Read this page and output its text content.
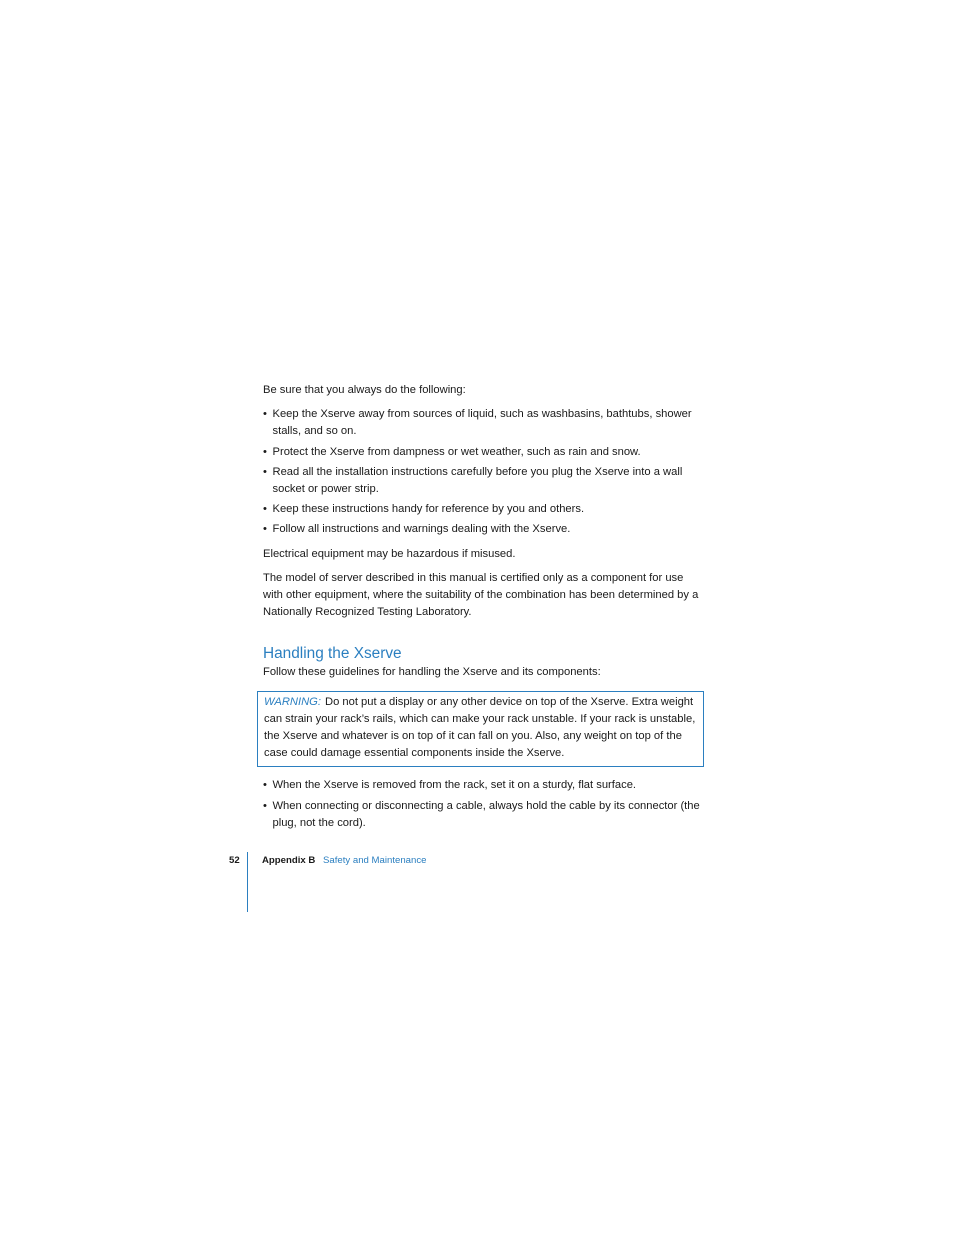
Be sure that you always do the following:

• Keep the Xserve away from sources of liquid, such as washbasins, bathtubs, shower stalls, and so on.
• Protect the Xserve from dampness or wet weather, such as rain and snow.
• Read all the installation instructions carefully before you plug the Xserve into a wall socket or power strip.
• Keep these instructions handy for reference by you and others.
• Follow all instructions and warnings dealing with the Xserve.

Electrical equipment may be hazardous if misused.

The model of server described in this manual is certified only as a component for use with other equipment, where the suitability of the combination has been determined by a Nationally Recognized Testing Laboratory.

Handling the Xserve

Follow these guidelines for handling the Xserve and its components:

WARNING: Do not put a display or any other device on top of the Xserve. Extra weight can strain your rack’s rails, which can make your rack unstable. If your rack is unstable, the Xserve and whatever is on top of it can fall on you. Also, any weight on top of the case could damage essential components inside the Xserve.
• When the Xserve is removed from the rack, set it on a sturdy, flat surface.
• When connecting or disconnecting a cable, always hold the cable by its connector (the plug, not the cord).
52 Appendix B Safety and Maintenance
